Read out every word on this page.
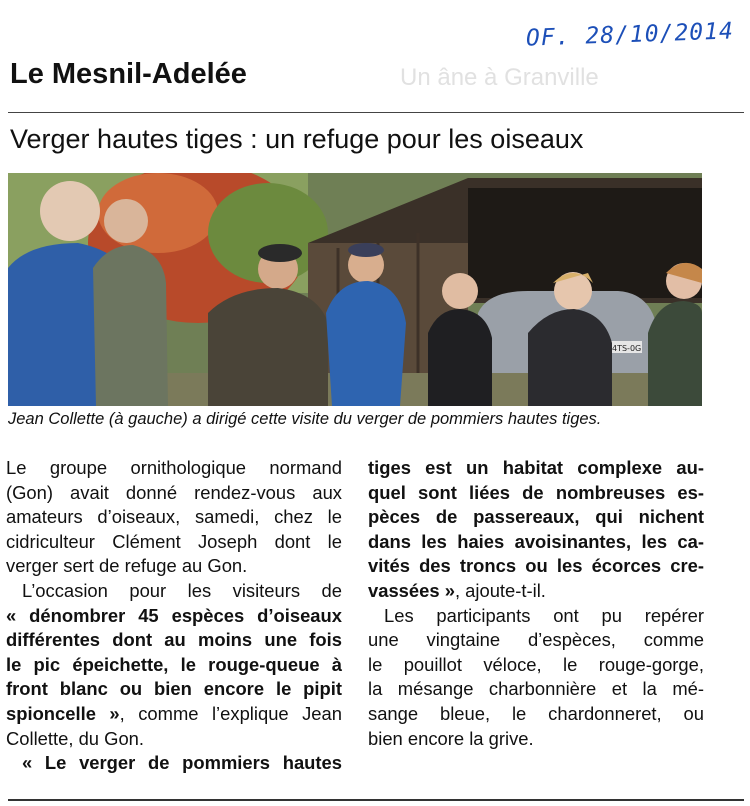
Un âne à Granville
OF. 28/10/2014
Le Mesnil-Adelée
Verger hautes tiges : un refuge pour les oiseaux
4TS-0G
Jean Collette (à gauche) a dirigé cette visite du verger de pommiers hautes tiges.
Le groupe ornithologique normand
(Gon) avait donné rendez-vous aux
amateurs d’oiseaux, samedi, chez le
cidriculteur Clément Joseph dont le
verger sert de refuge au Gon.
L’occasion pour les visiteurs de
« dénombrer 45 espèces d’oiseaux
différentes dont au moins une fois
le pic épeichette, le rouge-queue à
front blanc ou bien encore le pipit
spioncelle », comme l’explique Jean
Collette, du Gon.
« Le verger de pommiers hautes
tiges est un habitat complexe au-
quel sont liées de nombreuses es-
pèces de passereaux, qui nichent
dans les haies avoisinantes, les ca-
vités des troncs ou les écorces cre-
vassées », ajoute-t-il.
Les participants ont pu repérer
une vingtaine d’espèces, comme
le pouillot véloce, le rouge-gorge,
la mésange charbonnière et la mé-
sange bleue, le chardonneret, ou
bien encore la grive.
